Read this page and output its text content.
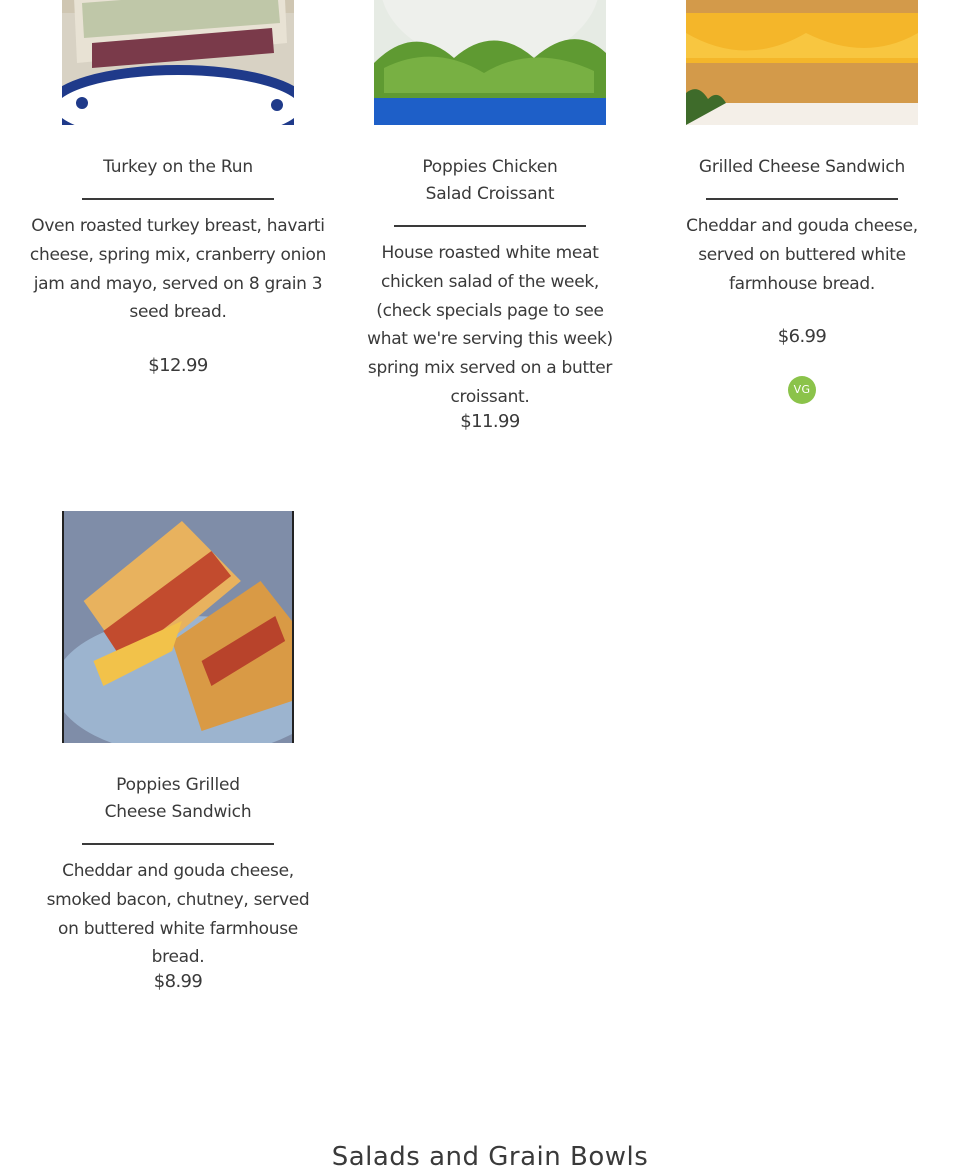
Turkey on the Run
Oven roasted turkey breast, havarti cheese, spring mix, cranberry onion jam and mayo, served on 8 grain 3 seed bread.
$12.99
Poppies Chicken Salad Croissant
House roasted white meat chicken salad of the week, (check specials page to see what we're serving this week) spring mix served on a butter croissant.
$11.99
Grilled Cheese Sandwich
Cheddar and gouda cheese, served on buttered white farmhouse bread.
$6.99
VG
Poppies Grilled Cheese Sandwich
Cheddar and gouda cheese, smoked bacon, chutney, served on buttered white farmhouse bread.
$8.99
Salads and Grain Bowls
